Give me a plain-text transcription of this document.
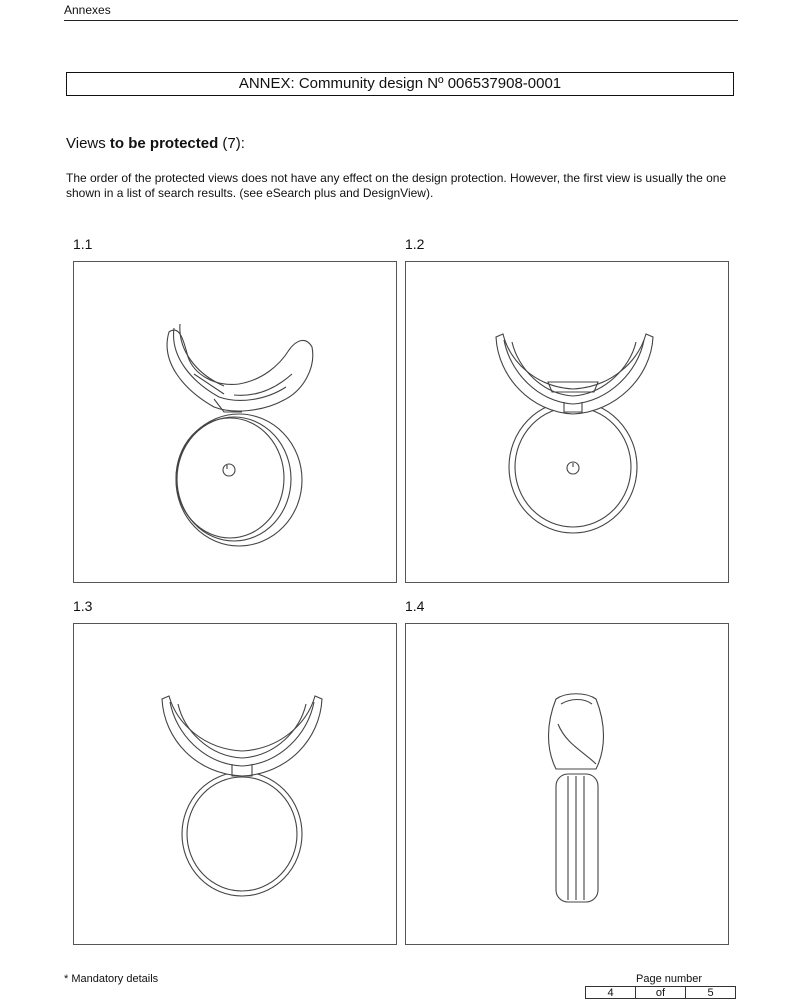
Annexes
ANNEX: Community design Nº 006537908-0001
Views to be protected (7):
The order of the protected views does not have any effect on the design protection. However, the first view is usually the one shown in a list of search results. (see eSearch plus and DesignView).
1.1	1.2
1.3	1.4
* Mandatory details	Page number
4	of	5
